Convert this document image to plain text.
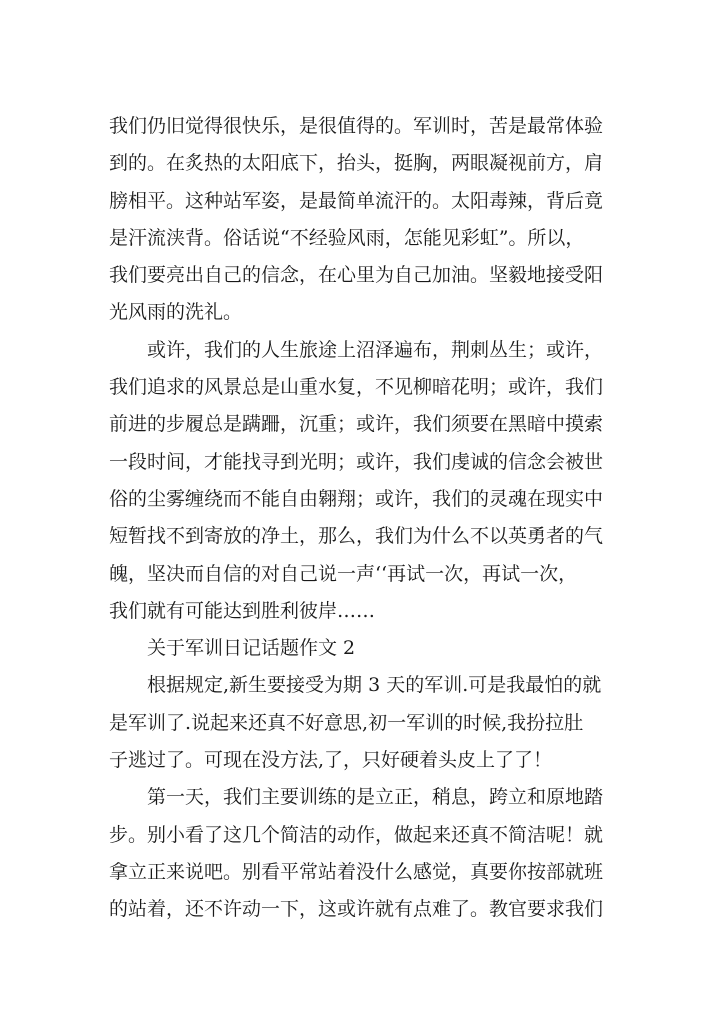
我们仍旧觉得很快乐，是很值得的。军训时，苦是最常体验
到的。在炙热的太阳底下，抬头，挺胸，两眼凝视前方，肩
膀相平。这种站军姿，是最简单流汗的。太阳毒辣，背后竟
是汗流浃背。俗话说“不经验风雨，怎能见彩虹”。所以，
我们要亮出自己的信念，在心里为自己加油。坚毅地接受阳
光风雨的洗礼。
或许，我们的人生旅途上沼泽遍布，荆刺丛生；或许，
我们追求的风景总是山重水复，不见柳暗花明；或许，我们
前进的步履总是蹒跚，沉重；或许，我们须要在黑暗中摸索
一段时间，才能找寻到光明；或许，我们虔诚的信念会被世
俗的尘雾缠绕而不能自由翱翔；或许，我们的灵魂在现实中
短暂找不到寄放的净土，那么，我们为什么不以英勇者的气
魄，坚决而自信的对自己说一声‘‘再试一次，再试一次，
我们就有可能达到胜利彼岸……
关于军训日记话题作文 2
根据规定,新生要接受为期 3 天的军训.可是我最怕的就
是军训了.说起来还真不好意思,初一军训的时候,我扮拉肚
子逃过了。可现在没方法,了，只好硬着头皮上了了！
第一天，我们主要训练的是立正，稍息，跨立和原地踏
步。别小看了这几个简洁的动作，做起来还真不简洁呢！就
拿立正来说吧。别看平常站着没什么感觉，真要你按部就班
的站着，还不许动一下，这或许就有点难了。教官要求我们
